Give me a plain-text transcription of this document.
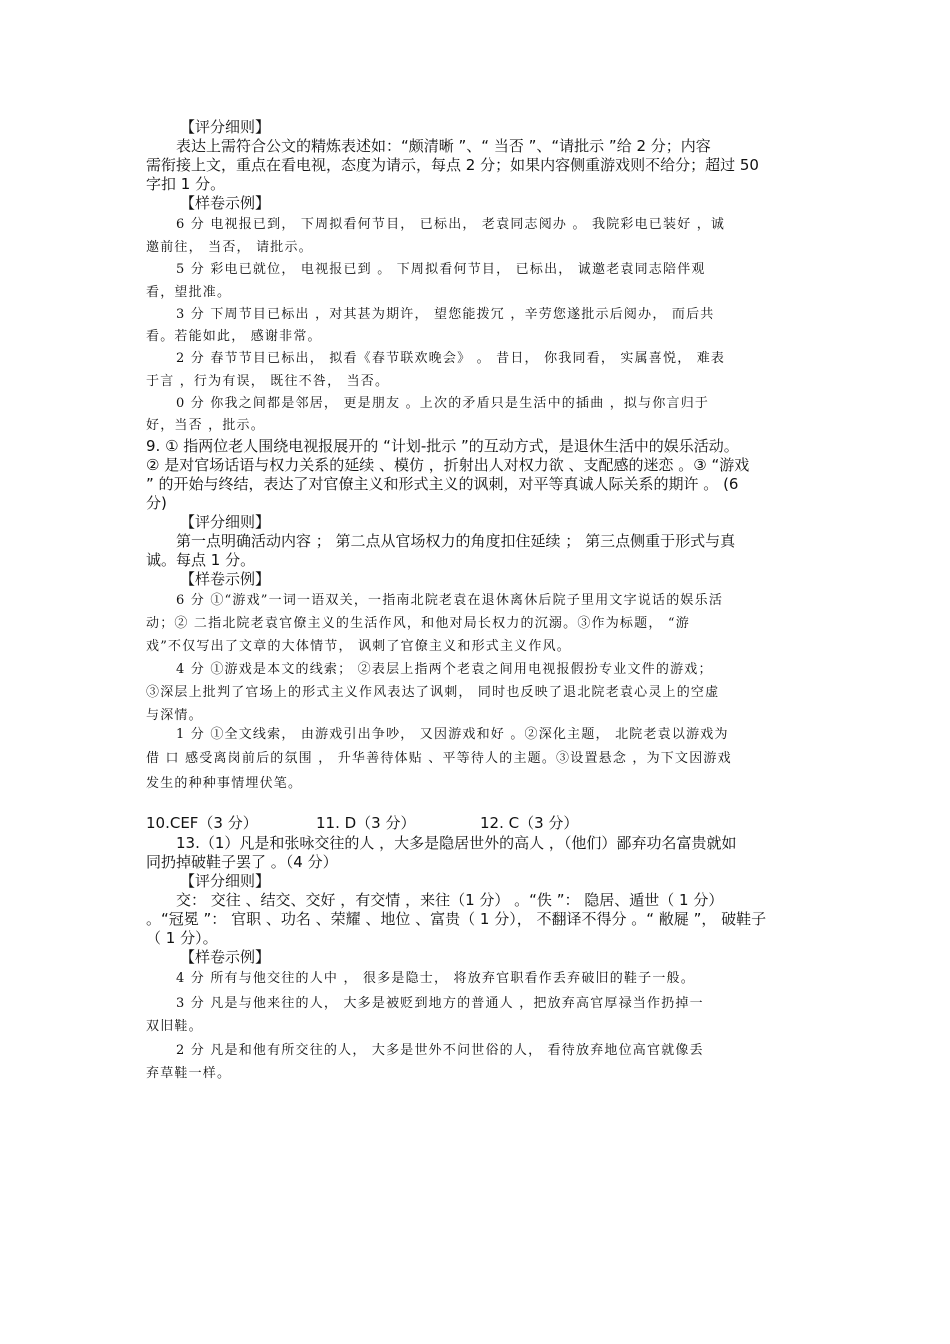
【评分细则】
表达上需符合公文的精炼表述如：“颇清晰 ”、“ 当否 ”、“请批示 ”给 2 分；内容
需衔接上文，重点在看电视，态度为请示，每点 2 分；如果内容侧重游戏则不给分；超过 50
字扣 1 分。
【样卷示例】
6 分 电视报已到， 下周拟看何节目， 已标出， 老袁同志阅办 。 我院彩电已装好 ，诚
邀前往， 当否， 请批示。
5 分 彩电已就位， 电视报已到 。 下周拟看何节目， 已标出， 诚邀老袁同志陪伴观
看，望批准。
3 分 下周节目已标出 ，对其甚为期许， 望您能拨冗 ，辛劳您遂批示后阅办， 而后共
看。若能如此， 感谢非常。
2 分 春节节目已标出， 拟看《春节联欢晚会》 。 昔日， 你我同看， 实属喜悦， 难表
于言 ，行为有误， 既往不咎， 当否。
0 分 你我之间都是邻居， 更是朋友 。上次的矛盾只是生活中的插曲 ，拟与你言归于
好，当否 ，批示。
9. ① 指两位老人围绕电视报展开的 “计划-批示 ”的互动方式，是退休生活中的娱乐活动。
② 是对官场话语与权力关系的延续 、模仿 ，折射出人对权力欲 、支配感的迷恋 。③ “游戏
” 的开始与终结，表达了对官僚主义和形式主义的讽刺，对平等真诚人际关系的期许 。 (6
分)
【评分细则】
第一点明确活动内容 ； 第二点从官场权力的角度扣住延续 ； 第三点侧重于形式与真
诚。每点 1 分。
【样卷示例】
6 分 ①“游戏”一词一语双关，一指南北院老袁在退休离休后院子里用文字说话的娱乐活
动；② 二指北院老袁官僚主义的生活作风，和他对局长权力的沉溺。③作为标题， “游
戏”不仅写出了文章的大体情节， 讽刺了官僚主义和形式主义作风。
4 分 ①游戏是本文的线索； ②表层上指两个老袁之间用电视报假扮专业文件的游戏；
③深层上批判了官场上的形式主义作风表达了讽刺， 同时也反映了退北院老袁心灵上的空虚
与深情。
1 分 ①全文线索， 由游戏引出争吵， 又因游戏和好 。②深化主题， 北院老袁以游戏为
借 口 感受离岗前后的氛围 ， 升华善待体贴 、平等待人的主题。③设置悬念 ，为下文因游戏
发生的种种事情埋伏笔。
10.CEF（3 分）	11. D（3 分）	12. C（3 分）
13.（1）凡是和张咏交往的人 ，大多是隐居世外的高人 ，（他们）鄙弃功名富贵就如
同扔掉破鞋子罢了 。（4 分）
【评分细则】
交： 交往 、结交、交好 ，有交情 ，来往（1 分） 。“佚 ”： 隐居、遁世（ 1 分）
。“冠冕 ”： 官职 、功名 、荣耀 、地位 、富贵（ 1 分）， 不翻译不得分 。“ 敝屣 ”， 破鞋子
（ 1 分）。
【样卷示例】
4 分 所有与他交往的人中 ， 很多是隐士， 将放弃官职看作丢弃破旧的鞋子一般。
3 分 凡是与他来往的人， 大多是被贬到地方的普通人 ，把放弃高官厚禄当作扔掉一
双旧鞋。
2 分 凡是和他有所交往的人， 大多是世外不问世俗的人， 看待放弃地位高官就像丢
弃草鞋一样。
